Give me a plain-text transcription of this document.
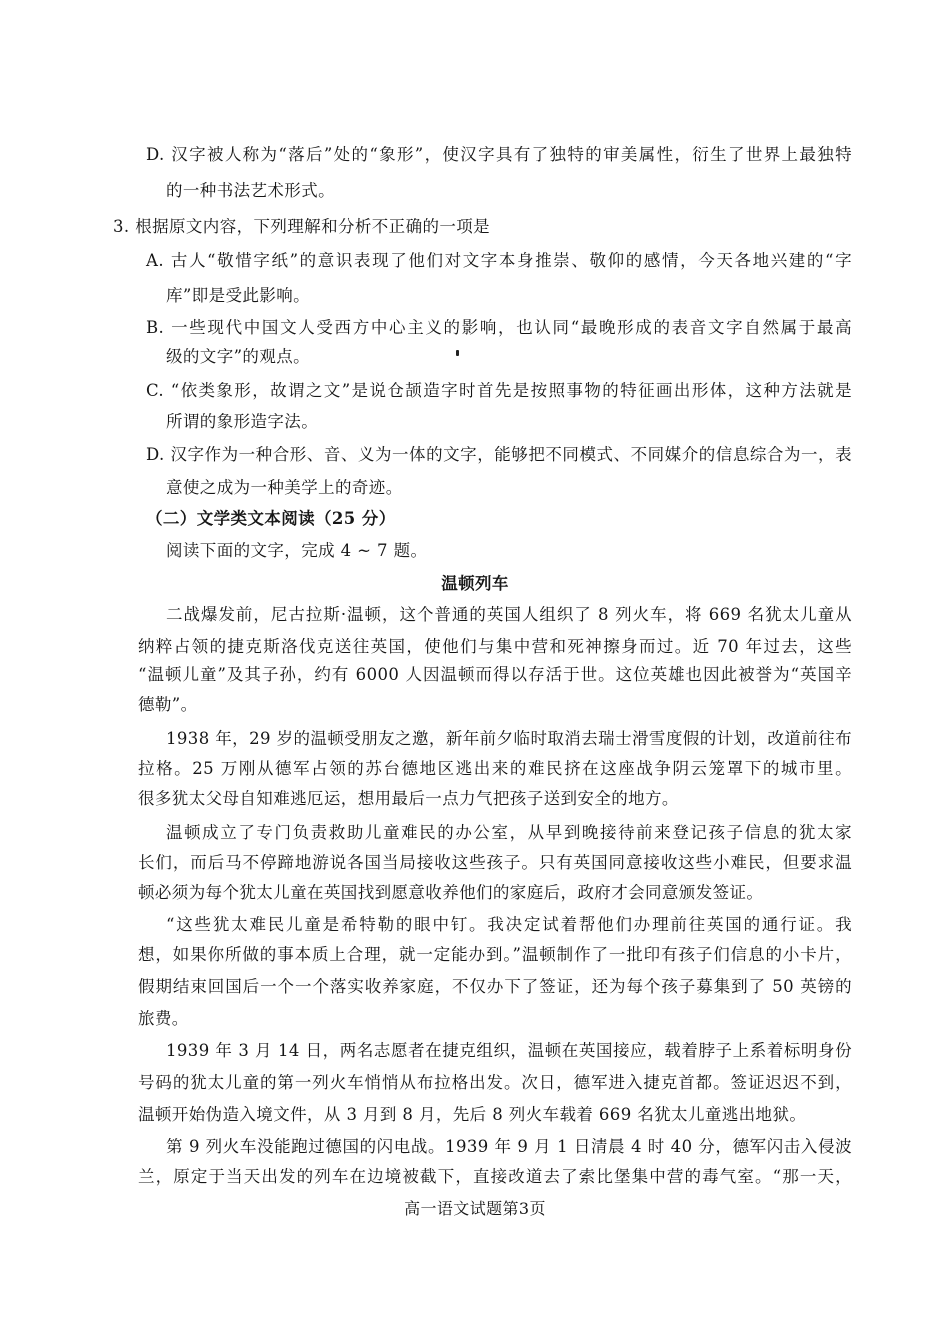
D. 汉字被人称为“落后”处的“象形”，使汉字具有了独特的审美属性，衍生了世界上最独特
的一种书法艺术形式。
3. 根据原文内容，下列理解和分析不正确的一项是
A. 古人“敬惜字纸”的意识表现了他们对文字本身推崇、敬仰的感情，今天各地兴建的“字
库”即是受此影响。
B. 一些现代中国文人受西方中心主义的影响，也认同“最晚形成的表音文字自然属于最高
级的文字”的观点。
C. “依类象形，故谓之文”是说仓颉造字时首先是按照事物的特征画出形体，这种方法就是
所谓的象形造字法。
D. 汉字作为一种合形、音、义为一体的文字，能够把不同模式、不同媒介的信息综合为一，表
意使之成为一种美学上的奇迹。
（二）文学类文本阅读（25 分）
阅读下面的文字，完成 4 ~ 7 题。
温顿列车
二战爆发前，尼古拉斯·温顿，这个普通的英国人组织了 8 列火车，将 669 名犹太儿童从
纳粹占领的捷克斯洛伐克送往英国，使他们与集中营和死神擦身而过。近 70 年过去，这些
“温顿儿童”及其子孙，约有 6000 人因温顿而得以存活于世。这位英雄也因此被誉为“英国辛
德勒”。
1938 年，29 岁的温顿受朋友之邀，新年前夕临时取消去瑞士滑雪度假的计划，改道前往布
拉格。25 万刚从德军占领的苏台德地区逃出来的难民挤在这座战争阴云笼罩下的城市里。
很多犹太父母自知难逃厄运，想用最后一点力气把孩子送到安全的地方。
温顿成立了专门负责救助儿童难民的办公室，从早到晚接待前来登记孩子信息的犹太家
长们，而后马不停蹄地游说各国当局接收这些孩子。只有英国同意接收这些小难民，但要求温
顿必须为每个犹太儿童在英国找到愿意收养他们的家庭后，政府才会同意颁发签证。
“这些犹太难民儿童是希特勒的眼中钉。我决定试着帮他们办理前往英国的通行证。我
想，如果你所做的事本质上合理，就一定能办到。”温顿制作了一批印有孩子们信息的小卡片，
假期结束回国后一个一个落实收养家庭，不仅办下了签证，还为每个孩子募集到了 50 英镑的
旅费。
1939 年 3 月 14 日，两名志愿者在捷克组织，温顿在英国接应，载着脖子上系着标明身份
号码的犹太儿童的第一列火车悄悄从布拉格出发。次日，德军进入捷克首都。签证迟迟不到，
温顿开始伪造入境文件，从 3 月到 8 月，先后 8 列火车载着 669 名犹太儿童逃出地狱。
第 9 列火车没能跑过德国的闪电战。1939 年 9 月 1 日清晨 4 时 40 分，德军闪击入侵波
兰，原定于当天出发的列车在边境被截下，直接改道去了索比堡集中营的毒气室。“那一天，
高一语文试题第3页
